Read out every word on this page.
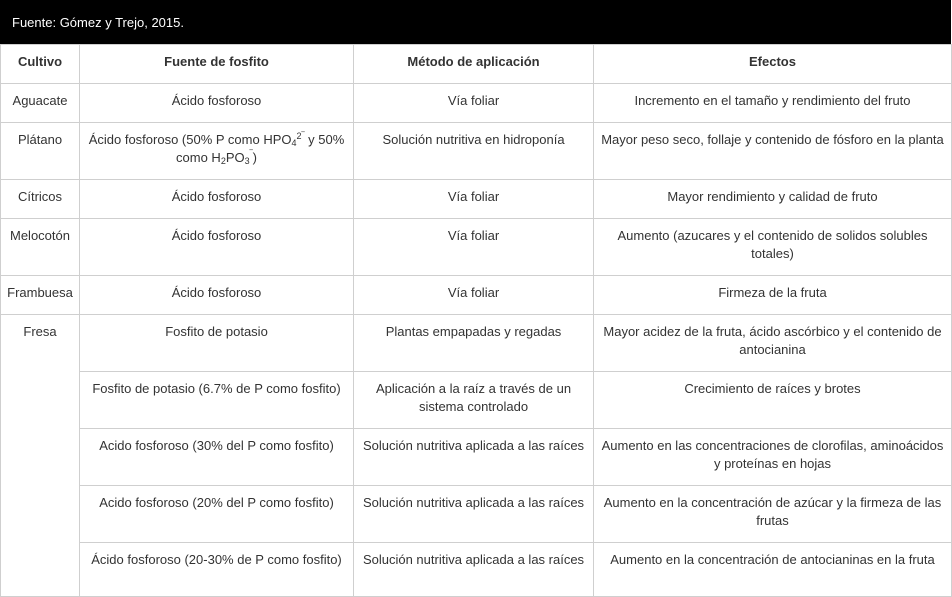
Fuente: Gómez y Trejo, 2015.
Cultivo	Fuente de fosfito	Método de aplicación	Efectos
Aguacate	Ácido fosforoso	Vía foliar	Incremento en el tamaño y rendimiento del fruto
Plátano	Ácido fosforoso (50% P como $HPO_4^{2‾}$ y 50% como $H_2PO_3^‾$)	Solución nutritiva en hidroponía	Mayor peso seco, follaje y contenido de fósforo en la planta
Cítricos	Ácido fosforoso	Vía foliar	Mayor rendimiento y calidad de fruto
Melocotón	Ácido fosforoso	Vía foliar	Aumento (azucares y el contenido de solidos solubles totales)
Frambuesa	Ácido fosforoso	Vía foliar	Firmeza de la fruta
Fresa	Fosfito de potasio	Plantas empapadas y regadas	Mayor acidez de la fruta, ácido ascórbico y el contenido de antocianina
	Fosfito de potasio (6.7% de P como fosfito)	Aplicación a la raíz a través de un sistema controlado	Crecimiento de raíces y brotes
	Acido fosforoso (30% del P como fosfito)	Solución nutritiva aplicada a las raíces	Aumento en las concentraciones de clorofilas, aminoácidos y proteínas en hojas
	Acido fosforoso (20% del P como fosfito)	Solución nutritiva aplicada a las raíces	Aumento en la concentración de azúcar y la firmeza de las frutas
	Ácido fosforoso (20-30% de P como fosfito)	Solución nutritiva aplicada a las raíces	Aumento en la concentración de antocianinas en la fruta
